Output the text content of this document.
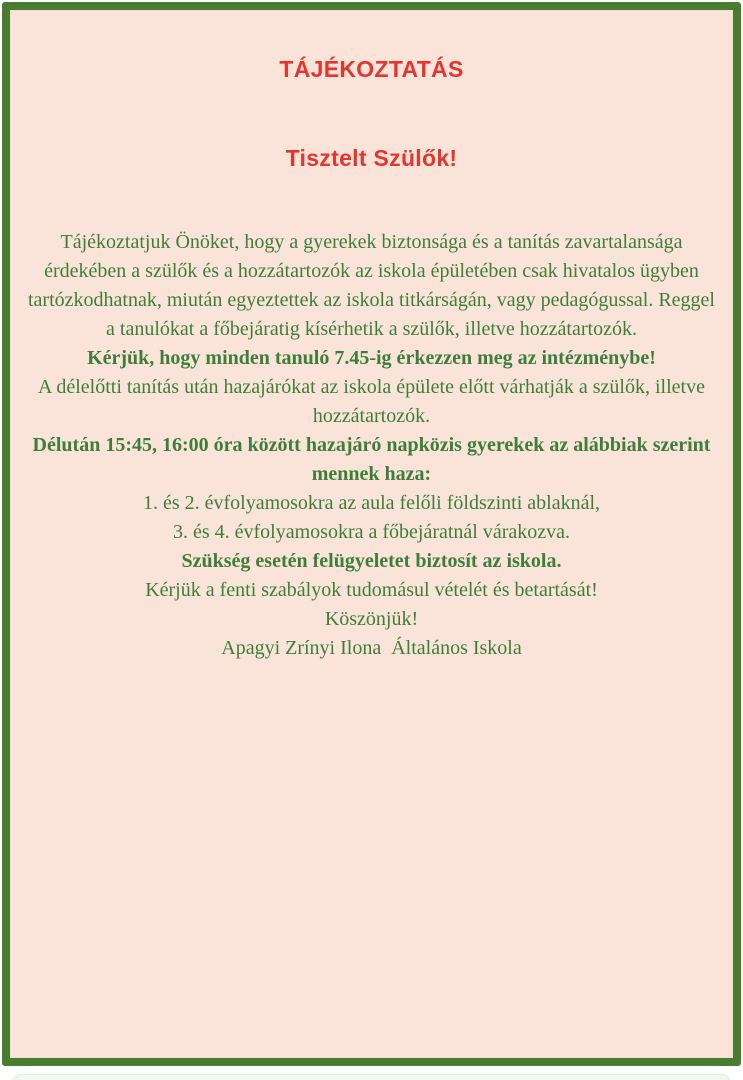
TÁJÉKOZTATÁS
Tisztelt Szülők!

Tájékoztatjuk Önöket, hogy a gyerekek biztonsága és a tanítás zavartalansága érdekében a szülők és a hozzátartozók az iskola épületében csak hivatalos ügyben tartózkodhatnak, miután egyeztettek az iskola titkárságán, vagy pedagógussal. Reggel a tanulókat a főbejáratig kísérhetik a szülők, illetve hozzátartozók.

Kérjük, hogy minden tanuló 7.45-ig érkezzen meg az intézménybe!

A délelőtti tanítás után hazajárókat az iskola épülete előtt várhatják a szülők, illetve hozzátartozók.

Délután 15:45, 16:00 óra között hazajáró napközis gyerekek az alábbiak szerint mennek haza:

1. és 2. évfolyamosokra az aula felőli földszinti ablaknál,

3. és 4. évfolyamosokra a főbejáratnál várakozva.

Szükség esetén felügyeletet biztosít az iskola.

Kérjük a fenti szabályok tudomásul vételét és betartását!

Köszönjük!

Apagyi Zrínyi Ilona  Általános Iskola
